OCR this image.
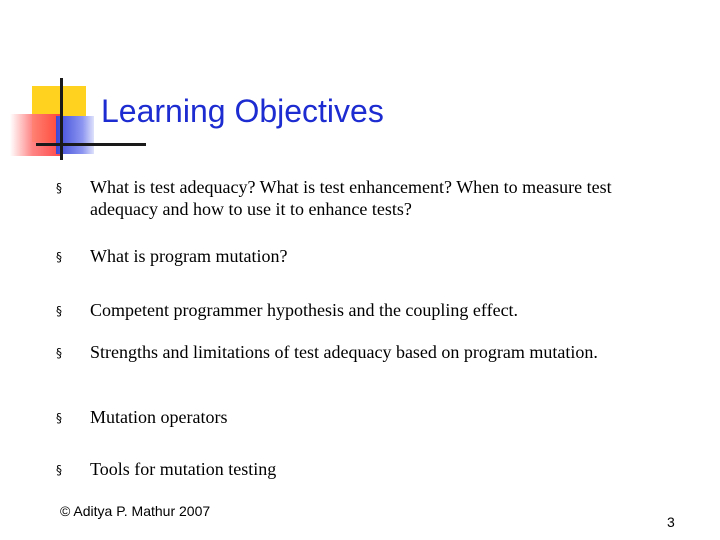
Learning Objectives
§	What is test adequacy? What is test enhancement? When to measure test adequacy and how to use it to enhance tests?
§	What is program mutation?
§	Competent programmer hypothesis and the coupling effect.
§	Strengths and limitations of test adequacy based on program mutation.
§	Mutation operators
§	Tools for mutation testing
© Aditya P. Mathur 2007
3
